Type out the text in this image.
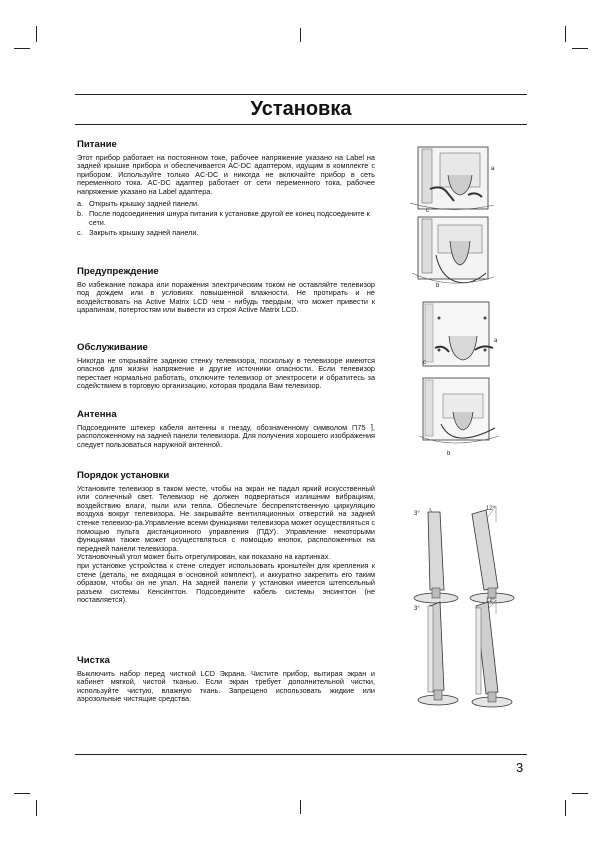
Установка
Питание

Этот прибор работает на постоянном токе, рабочее напряжение указано на Label на задней крышке прибора и обеспечивается AC-DC адаптером, идущим в комплекте с прибором. Используйте только AC-DC и никогда не включайте прибор в сеть переменного тока. AC-DC адаптер работает от сети переменного тока, рабочее напряжение указано на Label адаптера.

a. Открыть крышку задней панели.
b. После подсоединения шнура питания к установке другой ее конец подсоедините к сети.
c. Закрыть крышку задней панели.
Предупреждение

Во избежание пожара или поражения электрическим током не оставляйте телевизор под дождем или в условиях повышенной влажности. Не протирать и не воздействовать на Active Matrix LCD чем - нибудь твердым, что может привести к царапинам, потертостям или вывести из строя Active Matrix LCD.

Обслуживание

Никогда не открывайте заднюю стенку телевизора, поскольку в телевизоре имеются опаснов для жизни напряжение и другие источники опасности. Если телевизор перестает нормально работать, отключите телевизор от электросети и обратитесь за содействием в торговую организацию, которая продала Вам телевизор.

Антенна

Подсоедините штекер кабеля антенны к гнезду, обозначенному символом ⊓75 ⌉, расположенному на задней панели телевизора. Для получения хорошего изображения следует пользоваться наружной антенной.

Порядок установки

Установите телевизор в таком месте, чтобы на экран не падал яркий искусственный или солнечный свет. Телевизор не должен подвергаться излишним вибрациям, воздействию влаги, пыли или тепла. Обеспечьте беспрепятственную циркуляцию воздуха вокруг телевизора. Не закрывайте вентиляционных отверстий на задней стенке телевизо-ра.Управление всеми функциями телевизора может осуществляться с помощью пульта дистанционного управления (ПДУ). Управление некоторыми функциями также может осуществляться с помощью кнопок, расположенных на передней панели телевизора.

Установочный угол может быть отрегулирован, как показано на картинках.

при установке устройства к стене следует использовать кронштейн для крепления к стене (деталь, не входящая в основной комплект), и аккуратно закрепить его таким образом, чтобы он не упал. На задней панели у установки имеется штепсельный разъем системы Кенсингтон. Подсоедините кабель системы энсингтон (не поставляется).

Чистка

Выключить набор перед чисткой LCD Экрана. Чистите прибор, вытирая экран и кабинет мягкой, чистой тканью. Если экран требует дополнительной чистки, используйте чистую, влажную ткань. Запрещено использовать жидкие или аэрозольные чистящие средства.

a
c
b
a
c
b
3°
12°
3°
12°
3
